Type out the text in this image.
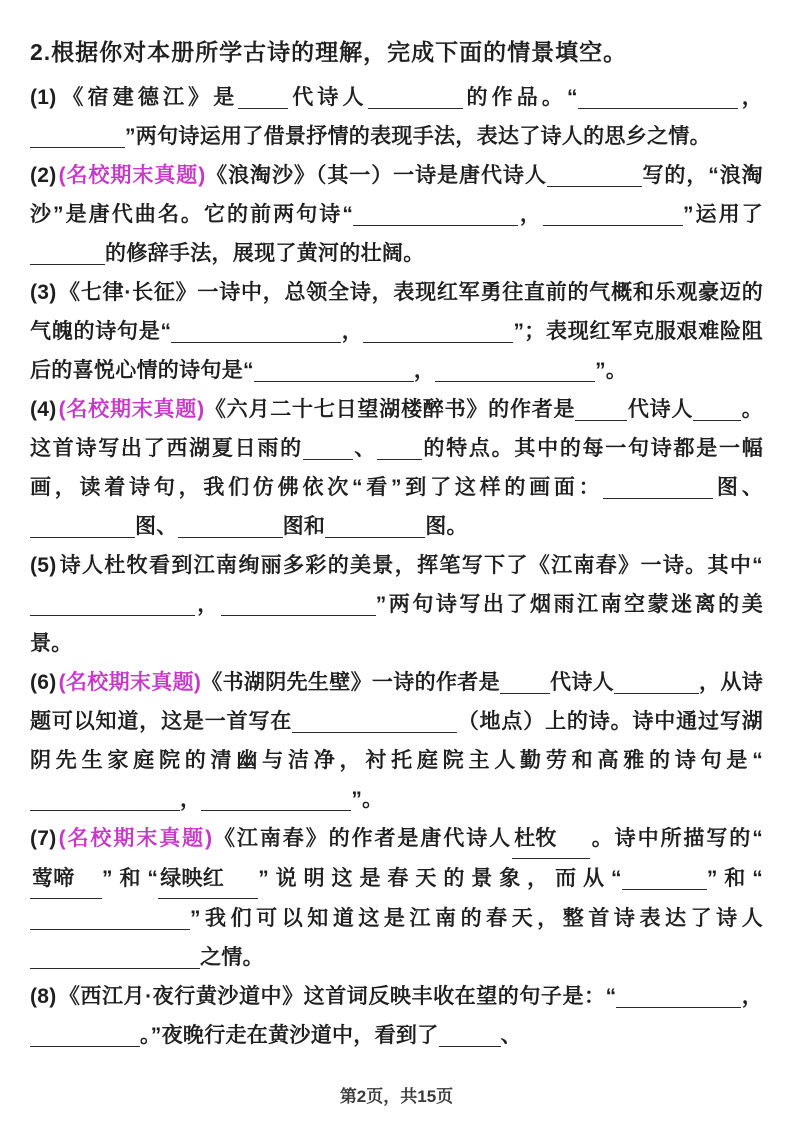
2.根据你对本册所学古诗的理解，完成下面的情景填空。

(1)《宿建德江》是 代诗人	的作品。“	，”两句诗运用了借景抒情的表现手法，表达了诗人的思乡之情。

(2)(名校期末真题)《浪淘沙》（其一）一诗是唐代诗人	写的，“浪淘沙”是唐代曲名。它的前两句诗“	，	”运用了的修辞手法，展现了黄河的壮阔。

(3)《七律·长征》一诗中，总领全诗，表现红军勇往直前的气概和乐观豪迈的气魄的诗句是“	，	”；表现红军克服艰难险阻后的喜悦心情的诗句是“	，	”。

(4)(名校期末真题)《六月二十七日望湖楼醉书》的作者是 代诗人 。这首诗写出了西湖夏日雨的 、 的特点。其中的每一句诗都是一幅画，读着诗句，我们仿佛依次“看”到了这样的画面：	图、图、	图和	图。

(5)诗人杜牧看到江南绚丽多彩的美景，挥笔写下了《江南春》一诗。其中“，	”两句诗写出了烟雨江南空蒙迷离的美景。

(6)(名校期末真题)《书湖阴先生壁》一诗的作者是 代诗人	，从诗题可以知道，这是一首写在	（地点）上的诗。诗中通过写湖阴先生家庭院的清幽与洁净，衬托庭院主人勤劳和高雅的诗句是“，	”。

(7)(名校期末真题)《江南春》的作者是唐代诗人杜牧 。诗中所描写的“莺啼 ”和“绿映红 ”说明这是春天的景象，而从“	”和“”我们可以知道这是江南的春天，整首诗表达了诗人之情。

(8)《西江月·夜行黄沙道中》这首词反映丰收在望的句子是：“	，。”夜晚行走在黄沙道中，看到了	、

第2页，共15页
